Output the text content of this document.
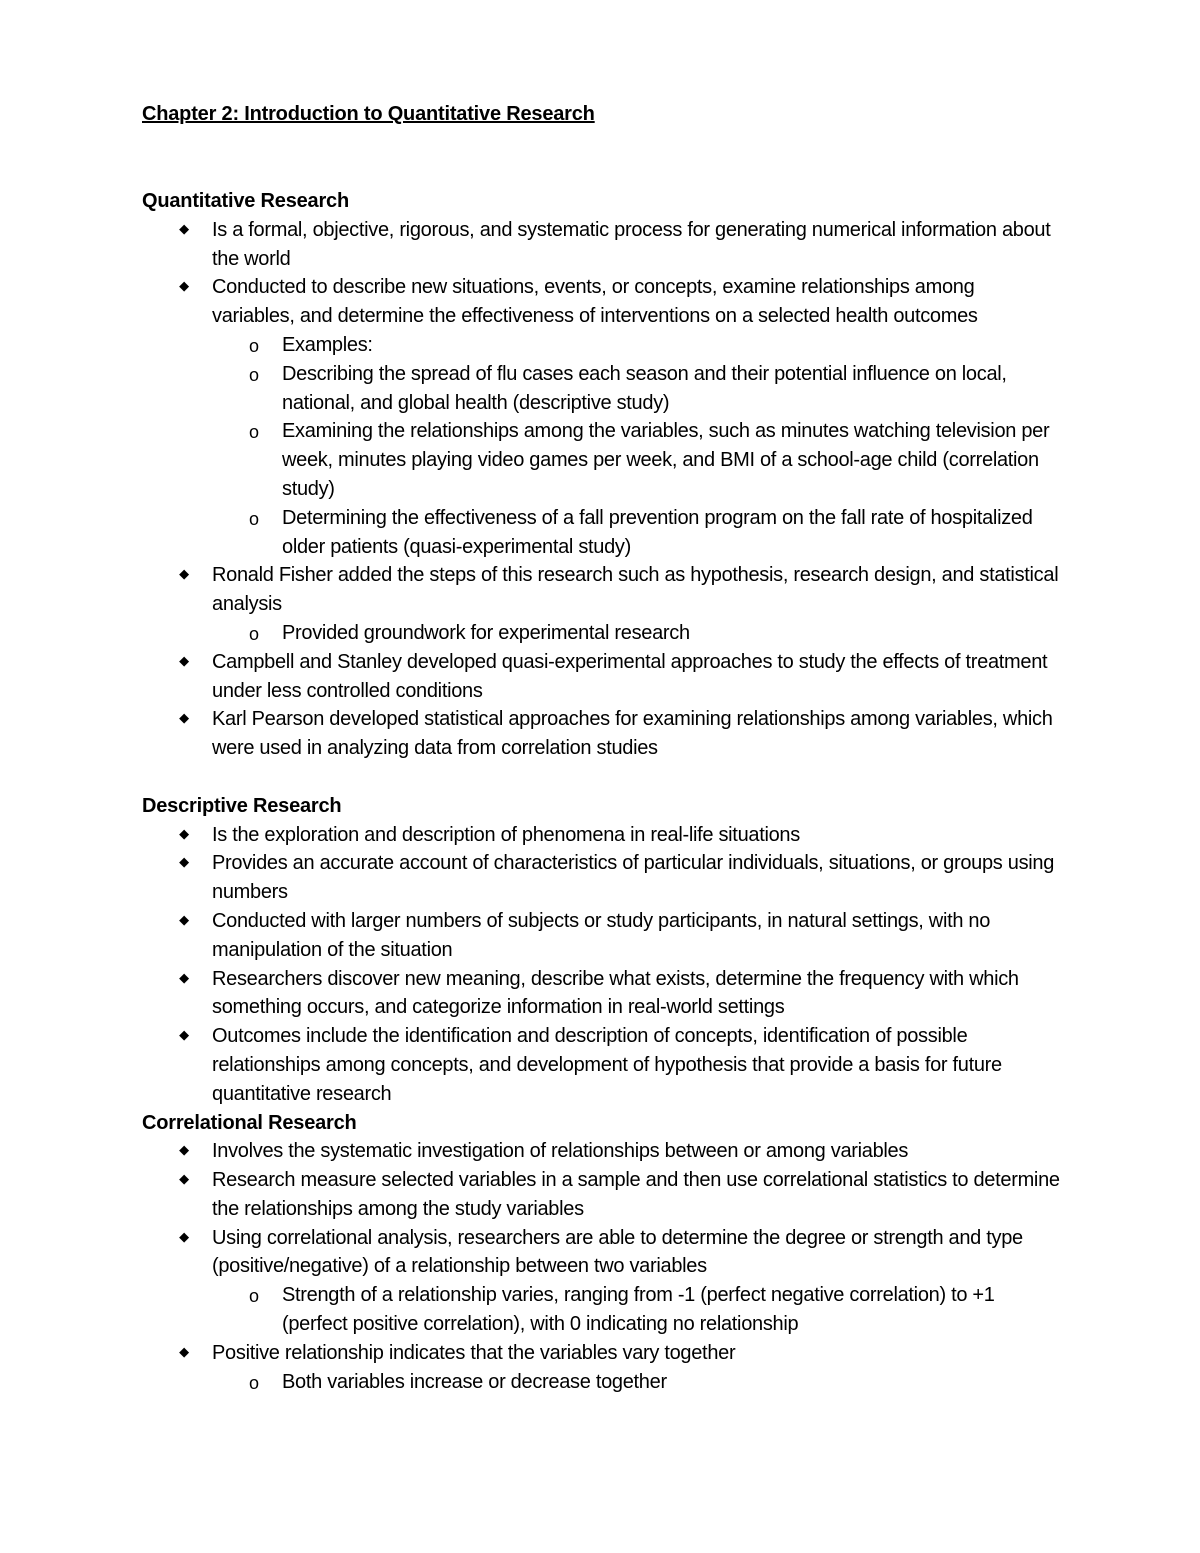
Chapter 2: Introduction to Quantitative Research
Quantitative Research
◆ Is a formal, objective, rigorous, and systematic process for generating numerical information about the world
◆ Conducted to describe new situations, events, or concepts, examine relationships among variables, and determine the effectiveness of interventions on a selected health outcomes
o Examples:
o Describing the spread of flu cases each season and their potential influence on local, national, and global health (descriptive study)
o Examining the relationships among the variables, such as minutes watching television per week, minutes playing video games per week, and BMI of a school-age child (correlation study)
o Determining the effectiveness of a fall prevention program on the fall rate of hospitalized older patients (quasi-experimental study)
◆ Ronald Fisher added the steps of this research such as hypothesis, research design, and statistical analysis
o Provided groundwork for experimental research
◆ Campbell and Stanley developed quasi-experimental approaches to study the effects of treatment under less controlled conditions
◆ Karl Pearson developed statistical approaches for examining relationships among variables, which were used in analyzing data from correlation studies
Descriptive Research
◆ Is the exploration and description of phenomena in real-life situations
◆ Provides an accurate account of characteristics of particular individuals, situations, or groups using numbers
◆ Conducted with larger numbers of subjects or study participants, in natural settings, with no manipulation of the situation
◆ Researchers discover new meaning, describe what exists, determine the frequency with which something occurs, and categorize information in real-world settings
◆ Outcomes include the identification and description of concepts, identification of possible relationships among concepts, and development of hypothesis that provide a basis for future quantitative research
Correlational Research
◆ Involves the systematic investigation of relationships between or among variables
◆ Research measure selected variables in a sample and then use correlational statistics to determine the relationships among the study variables
◆ Using correlational analysis, researchers are able to determine the degree or strength and type (positive/negative) of a relationship between two variables
o Strength of a relationship varies, ranging from -1 (perfect negative correlation) to +1 (perfect positive correlation), with 0 indicating no relationship
◆ Positive relationship indicates that the variables vary together
o Both variables increase or decrease together
